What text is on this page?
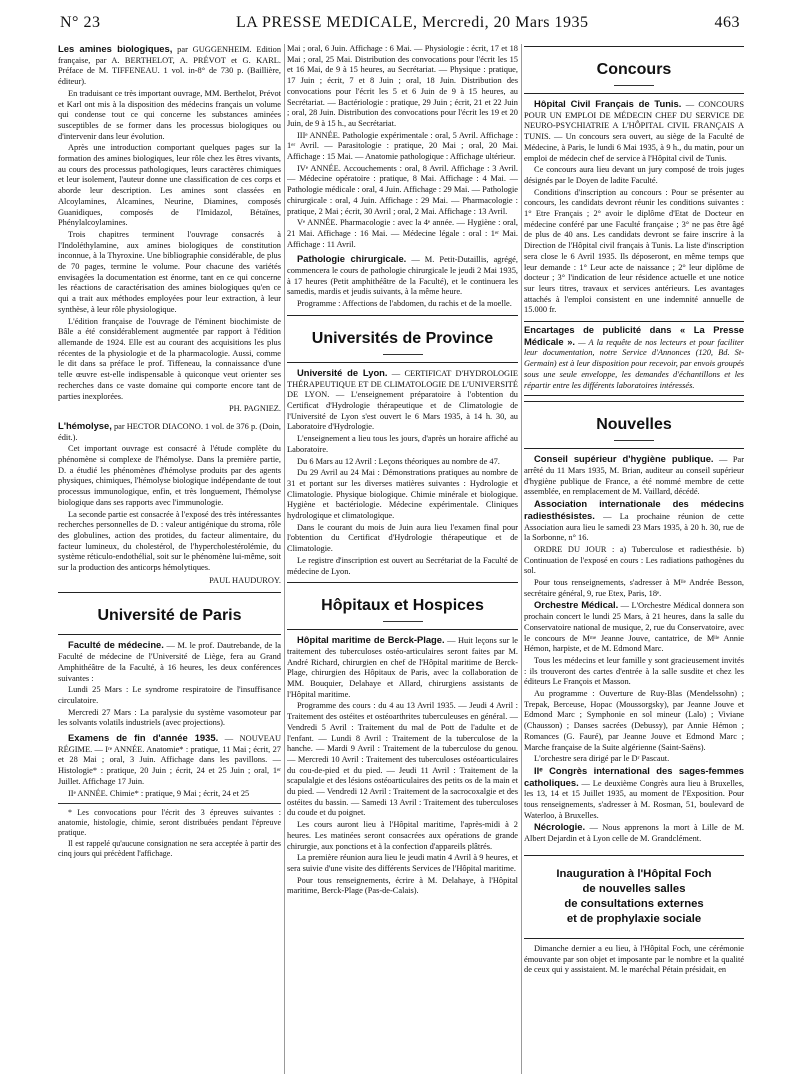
N° 23	LA PRESSE MEDICALE, Mercredi, 20 Mars 1935	463

Les amines biologiques, par GUGGENHEIM. Edition française, par A. BERTHELOT, A. PRÉVOT et G. KARL. Préface de M. TIFFENEAU. 1 vol. in-8° de 730 p. (Baillière, éditeur).

En traduisant ce très important ouvrage, MM. Berthelot, Prévot et Karl ont mis à la disposition des médecins français un volume qui condense tout ce qui concerne les substances aminées susceptibles de se former dans les processus biologiques ou d'intervenir dans leur évolution.

Après une introduction comportant quelques pages sur la formation des amines biologiques, leur rôle chez les êtres vivants, au cours des processus pathologiques, leurs caractères chimiques et leur isolement, l'auteur donne une classification de ces corps et aborde leur description. Les amines sont classées en Alcoylamines, Alcamines, Neurine, Diamines, composés Guanidiques, composés de l'Imidazol, Bétaïnes, Phénylalcoylamines.

Trois chapitres terminent l'ouvrage consacrés à l'Indoléthylamine, aux amines biologiques de constitution inconnue, à la Thyroxine. Une bibliographie considérable, de plus de 70 pages, termine le volume. Pour chacune des variétés envisagées la documentation est énorme, tant en ce qui concerne les réactions de caractérisation des amines biologiques qu'en ce qui a trait aux méthodes employées pour leur extraction, à leur synthèse, à leur rôle physiologique.

L'édition française de l'ouvrage de l'éminent biochimiste de Bâle a été considérablement augmentée par rapport à l'édition allemande de 1924. Elle est au courant des acquisitions les plus récentes de la physiologie et de la pharmacologie. Aussi, comme le dit dans sa préface le prof. Tiffeneau, la connaissance d'une telle œuvre est-elle indispensable à quiconque veut orienter ses recherches dans ce vaste domaine qui comporte encore tant de parties inexplorées.

PH. PAGNIEZ.

L'hémolyse, par HECTOR DIACONO. 1 vol. de 376 p. (Doin, édit.).

Cet important ouvrage est consacré à l'étude complète du phénomène si complexe de l'hémolyse. Dans la première partie, D. a étudié les phénomènes d'hémolyse produits par des agents physiques, chimiques, l'hémolyse biologique indépendante de tout processus immunologique, enfin, et très longuement, l'hémolyse biologique dans ses rapports avec l'immunologie.

La seconde partie est consacrée à l'exposé des très intéressantes recherches personnelles de D. : valeur antigénique du stroma, rôle des globulines, action des protides, du facteur alimentaire, du facteur lumineux, du cholestérol, de l'hypercholestérolémie, du système réticulo-endothélial, soit sur le phénomène lui-même, soit sur la production des anticorps hémolytiques.

PAUL HAUDUROY.
Université de Paris

Faculté de médecine. — M. le prof. Dautrebande, de la Faculté de médecine de l'Université de Liège, fera au Grand Amphithéâtre de la Faculté, à 16 heures, les deux conférences suivantes :

Lundi 25 Mars : Le syndrome respiratoire de l'insuffisance circulatoire.

Mercredi 27 Mars : La paralysie du système vasomoteur par les solvants volatils industriels (avec projections).

Examens de fin d'année 1935. — NOUVEAU RÉGIME. — Iʳᵉ ANNÉE. Anatomie* : pratique, 11 Mai ; écrit, 27 et 28 Mai ; oral, 3 Juin. Affichage dans les pavillons. — Histologie* : pratique, 20 Juin ; écrit, 24 et 25 Juin ; oral, 1ᵉʳ Juillet. Affichage 17 Juin.

IIᵉ ANNÉE. Chimie* : pratique, 9 Mai ; écrit, 24 et 25

* Les convocations pour l'écrit des 3 épreuves suivantes : anatomie, histologie, chimie, seront distribuées pendant l'épreuve pratique.

Il est rappelé qu'aucune consignation ne sera acceptée à partir des cinq jours qui précèdent l'affichage.

Mai ; oral, 6 Juin. Affichage : 6 Mai. — Physiologie : écrit, 17 et 18 Mai ; oral, 25 Mai. Distribution des convocations pour l'écrit les 15 et 16 Mai, de 9 à 15 heures, au Secrétariat. — Physique : pratique, 17 Juin ; écrit, 7 et 8 Juin ; oral, 18 Juin. Distribution des convocations pour l'écrit les 5 et 6 Juin de 9 à 15 heures, au Secrétariat. — Bactériologie : pratique, 29 Juin ; écrit, 21 et 22 Juin ; oral, 28 Juin. Distribution des convocations pour l'écrit les 19 et 20 Juin, de 9 à 15 h., au Secrétariat.

IIIᵉ ANNÉE. Pathologie expérimentale : oral, 5 Avril. Affichage : 1ᵉʳ Avril. — Parasitologie : pratique, 20 Mai ; oral, 20 Mai. Affichage : 15 Mai. — Anatomie pathologique : Affichage ultérieur.

IVᵉ ANNÉE. Accouchements : oral, 8 Avril. Affichage : 3 Avril. — Médecine opératoire : pratique, 8 Mai. Affichage : 4 Mai. — Pathologie médicale : oral, 4 Juin. Affichage : 29 Mai. — Pathologie chirurgicale : oral, 4 Juin. Affichage : 29 Mai. — Pharmacologie : pratique, 2 Mai ; écrit, 30 Avril ; oral, 2 Mai. Affichage : 13 Avril.

Vᵉ ANNÉE. Pharmacologie : avec la 4ᵉ année. — Hygiène : oral, 21 Mai. Affichage : 16 Mai. — Médecine légale : oral : 1ᵉʳ Mai. Affichage : 11 Avril.

Pathologie chirurgicale. — M. Petit-Dutaillis, agrégé, commencera le cours de pathologie chirurgicale le jeudi 2 Mai 1935, à 17 heures (Petit amphithéâtre de la Faculté), et le continuera les samedis, mardis et jeudis suivants, à la même heure.

Programme : Affections de l'abdomen, du rachis et de la moelle.

Universités de Province

Université de Lyon. — CERTIFICAT D'HYDROLOGIE THÉRAPEUTIQUE ET DE CLIMATOLOGIE DE L'UNIVERSITÉ DE LYON. — L'enseignement préparatoire à l'obtention du Certificat d'Hydrologie thérapeutique et de Climatologie de l'Université de Lyon s'est ouvert le 6 Mars 1935, à 14 h. 30, au Laboratoire d'Hydrologie.

L'enseignement a lieu tous les jours, d'après un horaire affiché au Laboratoire.

Du 6 Mars au 12 Avril : Leçons théoriques au nombre de 47.

Du 29 Avril au 24 Mai : Démonstrations pratiques au nombre de 31 et portant sur les diverses matières suivantes : Hydrologie et Climatologie. Physique biologique. Chimie minérale et biologique. Hygiène et bactériologie. Médecine expérimentale. Cliniques hydrologique et climatologique.

Dans le courant du mois de Juin aura lieu l'examen final pour l'obtention du Certificat d'Hydrologie thérapeutique et de Climatologie.

Le registre d'inscription est ouvert au Secrétariat de la Faculté de médecine de Lyon.

Hôpitaux et Hospices

Hôpital maritime de Berck-Plage. — Huit leçons sur le traitement des tuberculoses ostéo-articulaires seront faites par M. André Richard, chirurgien en chef de l'Hôpital maritime de Berck-Plage, chirurgien des Hôpitaux de Paris, avec la collaboration de MM. Bouquier, Delahaye et Allard, chirurgiens assistants de l'Hôpital maritime.

Programme des cours : du 4 au 13 Avril 1935. — Jeudi 4 Avril : Traitement des ostéites et ostéoarthrites tuberculeuses en général. — Vendredi 5 Avril : Traitement du mal de Pott de l'adulte et de l'enfant. — Lundi 8 Avril : Traitement de la tuberculose de la hanche. — Mardi 9 Avril : Traitement de la tuberculose du genou. — Mercredi 10 Avril : Traitement des tuberculoses ostéoarticulaires du cou-de-pied et du pied. — Jeudi 11 Avril : Traitement de la scapulalgie et des lésions ostéoarticulaires des petits os de la main et du pied. — Vendredi 12 Avril : Traitement de la sacrocoxalgie et des ostéites du bassin. — Samedi 13 Avril : Traitement des tuberculoses du coude et du poignet.

Les cours auront lieu à l'Hôpital maritime, l'après-midi à 2 heures. Les matinées seront consacrées aux opérations de grande chirurgie, aux ponctions et à la confection d'appareils plâtrés.

La première réunion aura lieu le jeudi matin 4 Avril à 9 heures, et sera suivie d'une visite des différents Services de l'Hôpital maritime.

Pour tous renseignements, écrire à M. Delahaye, à l'Hôpital maritime, Berck-Plage (Pas-de-Calais).

Concours

Hôpital Civil Français de Tunis. — CONCOURS POUR UN EMPLOI DE MÉDECIN CHEF DU SERVICE DE NEURO-PSYCHIATRIE A L'HÔPITAL CIVIL FRANÇAIS A TUNIS. — Un concours sera ouvert, au siège de la Faculté de Médecine, à Paris, le lundi 6 Mai 1935, à 9 h., du matin, pour un emploi de médecin chef de service à l'Hôpital civil de Tunis.

Ce concours aura lieu devant un jury composé de trois juges désignés par le Doyen de ladite Faculté.

Conditions d'inscription au concours : Pour se présenter au concours, les candidats devront réunir les conditions suivantes : 1° Etre Français ; 2° avoir le diplôme d'Etat de Docteur en médecine conféré par une Faculté française ; 3° ne pas être âgé de plus de 40 ans. Les candidats devront se faire inscrire à la Direction de l'Hôpital civil français à Tunis. La liste d'inscription sera close le 6 Avril 1935. Ils déposeront, en même temps que leur demande : 1° Leur acte de naissance ; 2° leur diplôme de docteur ; 3° l'indication de leur résidence actuelle et une notice sur leurs titres, travaux et services antérieurs. Les avantages attachés à l'emploi consistent en une indemnité annuelle de 15.000 fr.

Encartages de publicité dans « La Presse Médicale ». — A la requête de nos lecteurs et pour faciliter leur documentation, notre Service d'Annonces (120, Bd. St-Germain) est à leur disposition pour recevoir, par envois groupés sous une seule enveloppe, les demandes d'échantillons et les répartir entre les différents laboratoires intéressés.

Nouvelles

Conseil supérieur d'hygiène publique. — Par arrêté du 11 Mars 1935, M. Brian, auditeur au conseil supérieur d'hygiène publique de France, a été nommé membre de cette assemblée, en remplacement de M. Vaillard, décédé.

Association internationale des médecins radiesthésistes. — La prochaine réunion de cette Association aura lieu le samedi 23 Mars 1935, à 20 h. 30, rue de la Sorbonne, n° 16.

ORDRE DU JOUR : a) Tuberculose et radiesthésie. b) Continuation de l'exposé en cours : Les radiations pathogènes du sol.

Pour tous renseignements, s'adresser à Mˡˡᵉ Andrée Besson, secrétaire général, 9, rue Etex, Paris, 18ᵉ.

Orchestre Médical. — L'Orchestre Médical donnera son prochain concert le lundi 25 Mars, à 21 heures, dans la salle du Conservatoire national de musique, 2, rue du Conservatoire, avec le concours de Mᵐᵉ Jeanne Jouve, cantatrice, de Mˡˡᵉ Annie Hémon, harpiste, et de M. Edmond Marc.

Tous les médecins et leur famille y sont gracieusement invités : ils trouveront des cartes d'entrée à la salle susdite et chez les éditeurs Le François et Masson.

Au programme : Ouverture de Ruy-Blas (Mendelssohn) ; Trepak, Berceuse, Hopac (Moussorgsky), par Jeanne Jouve et Edmond Marc ; Symphonie en sol mineur (Lalo) ; Viviane (Chausson) ; Danses sacrées (Debussy), par Annie Hémon ; Romances (G. Fauré), par Jeanne Jouve et Edmond Marc ; Marche française de la Suite algérienne (Saint-Saëns).

L'orchestre sera dirigé par le Dʳ Pascaut.

IIᵉ Congrès international des sages-femmes catholiques. — Le deuxième Congrès aura lieu à Bruxelles, les 13, 14 et 15 Juillet 1935, au moment de l'Exposition. Pour tous renseignements, s'adresser à M. Rosman, 51, boulevard de Waterloo, à Bruxelles.

Nécrologie. — Nous apprenons la mort à Lille de M. Albert Dejardin et à Lyon celle de M. Grandclément.

Inauguration à l'Hôpital Foch
de nouvelles salles
de consultations externes
et de prophylaxie sociale

Dimanche dernier a eu lieu, à l'Hôpital Foch, une cérémonie émouvante par son objet et imposante par le nombre et la qualité de ceux qui y assistaient. M. le maréchal Pétain présidait, en
